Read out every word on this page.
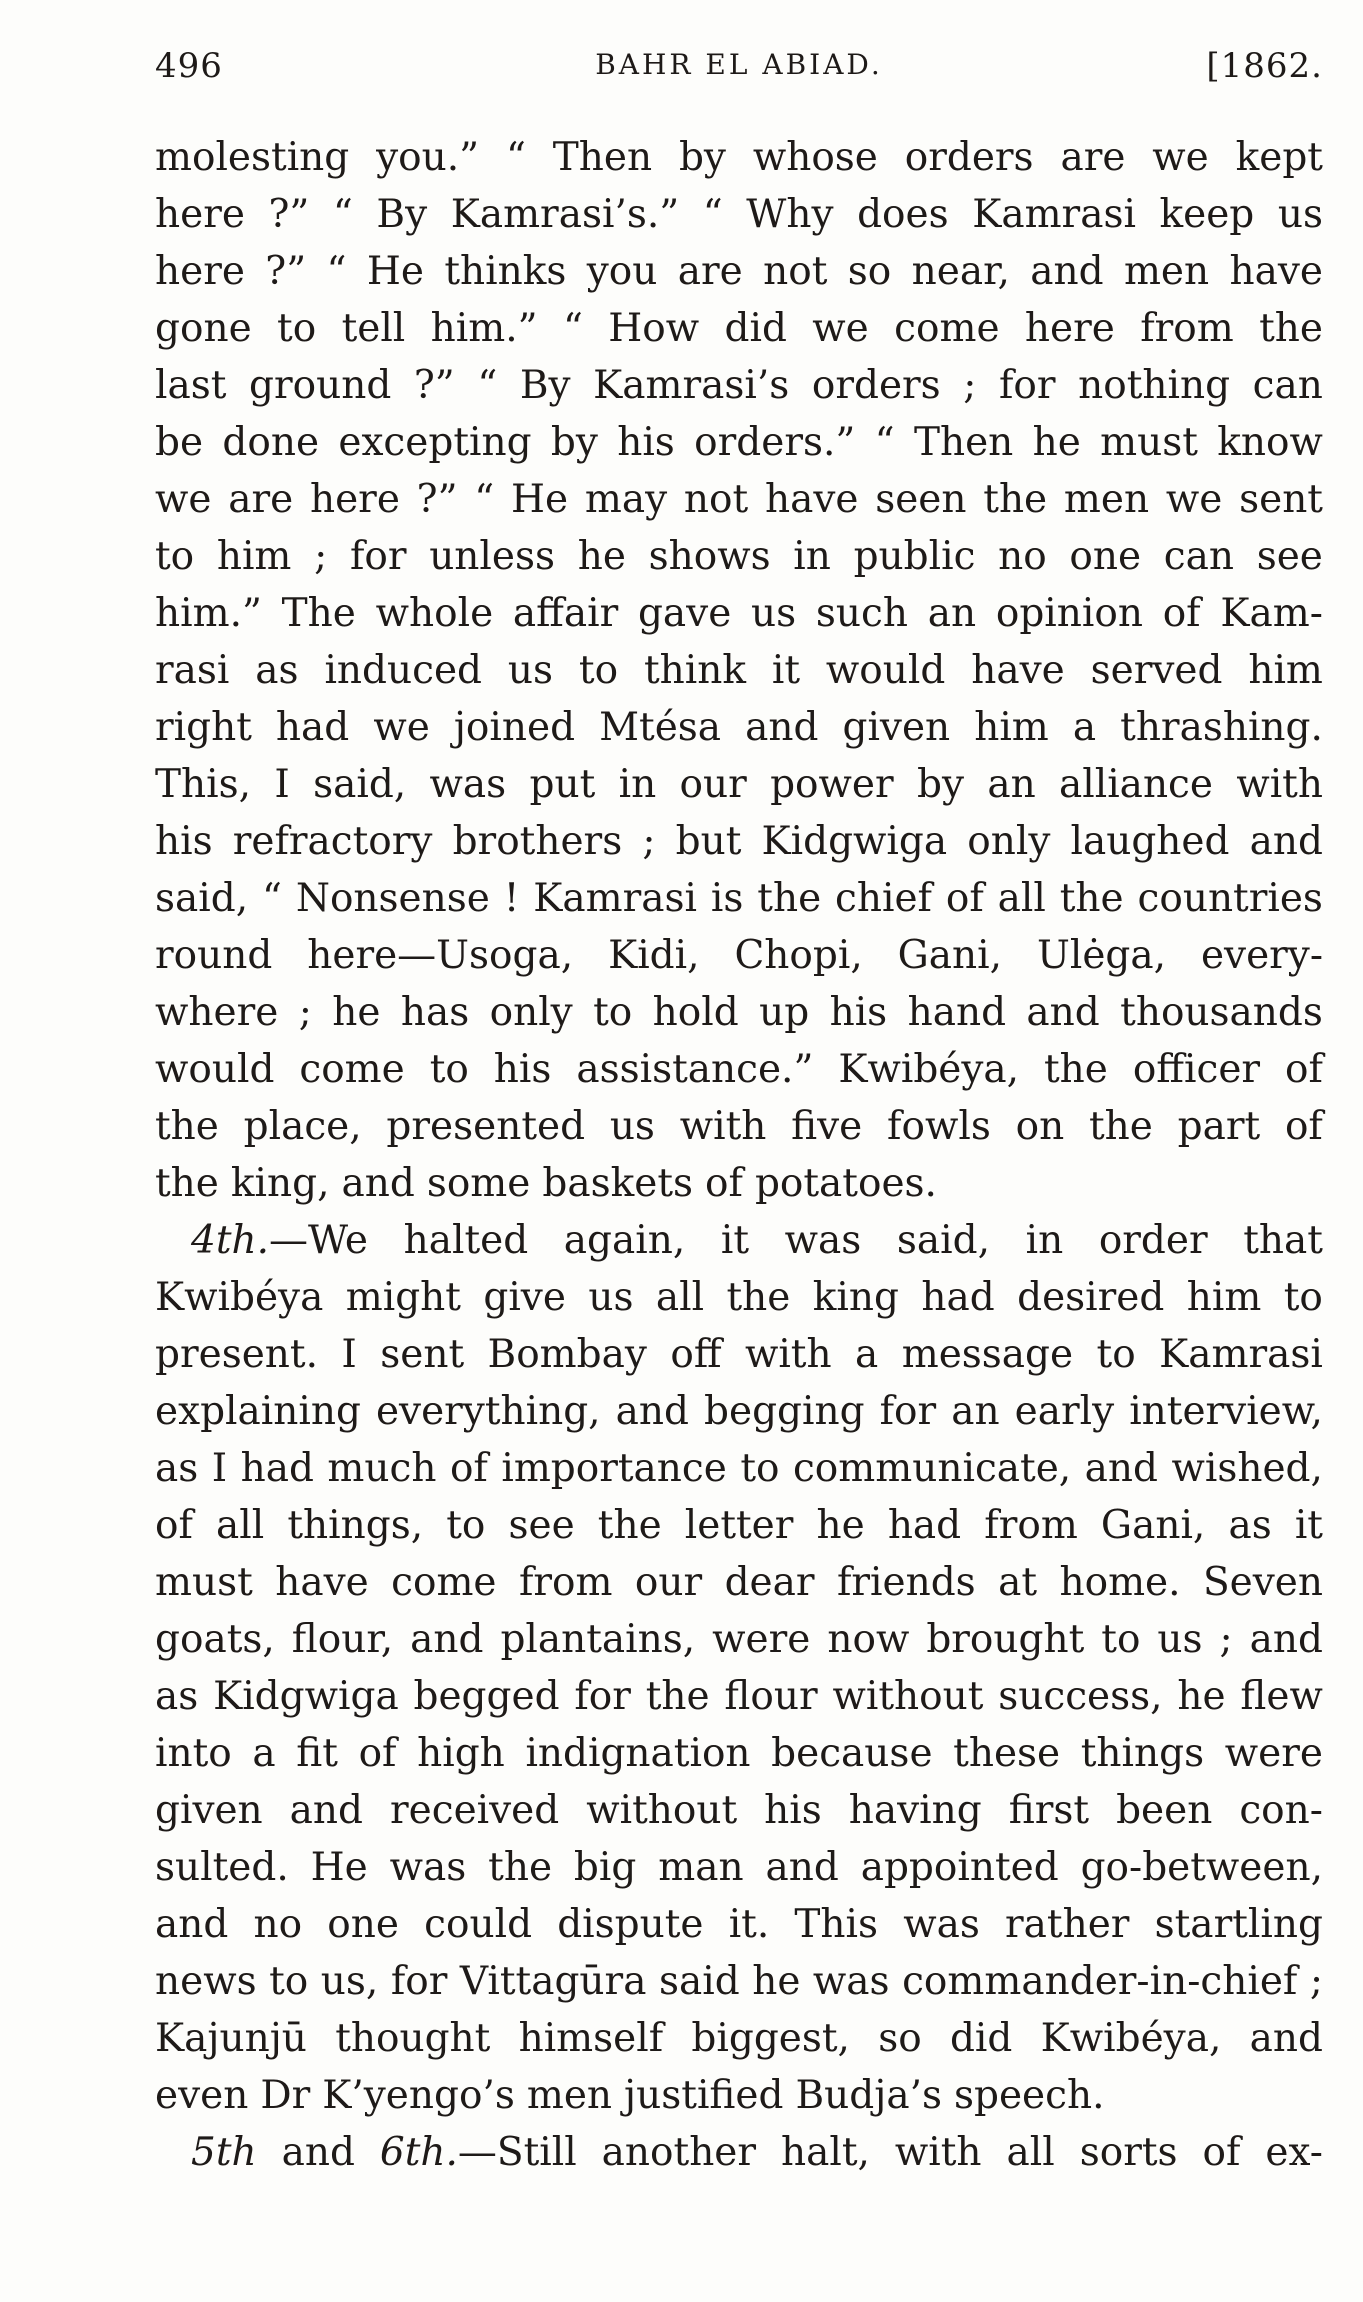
496	BAHR EL ABIAD.	[1862.
molesting you.” “ Then by whose orders are we kept
here ?” “ By Kamrasi’s.” “ Why does Kamrasi keep us
here ?” “ He thinks you are not so near, and men have
gone to tell him.” “ How did we come here from the
last ground ?” “ By Kamrasi’s orders ; for nothing can
be done excepting by his orders.” “ Then he must know
we are here ?” “ He may not have seen the men we sent
to him ; for unless he shows in public no one can see
him.” The whole affair gave us such an opinion of Kam-
rasi as induced us to think it would have served him
right had we joined Mtésa and given him a thrashing.
This, I said, was put in our power by an alliance with
his refractory brothers ; but Kidgwiga only laughed and
said, “ Nonsense ! Kamrasi is the chief of all the countries
round here—Usoga, Kidi, Chopi, Gani, Ulėga, every-
where ; he has only to hold up his hand and thousands
would come to his assistance.” Kwibéya, the officer of
the place, presented us with five fowls on the part of
the king, and some baskets of potatoes.
4th.—We halted again, it was said, in order that
Kwibéya might give us all the king had desired him to
present. I sent Bombay off with a message to Kamrasi
explaining everything, and begging for an early interview,
as I had much of importance to communicate, and wished,
of all things, to see the letter he had from Gani, as it
must have come from our dear friends at home. Seven
goats, flour, and plantains, were now brought to us ; and
as Kidgwiga begged for the flour without success, he flew
into a fit of high indignation because these things were
given and received without his having first been con-
sulted. He was the big man and appointed go-between,
and no one could dispute it. This was rather startling
news to us, for Vittagūra said he was commander-in-chief ;
Kajunjū thought himself biggest, so did Kwibéya, and
even Dr K’yengo’s men justified Budja’s speech.
5th and 6th.—Still another halt, with all sorts of ex-
